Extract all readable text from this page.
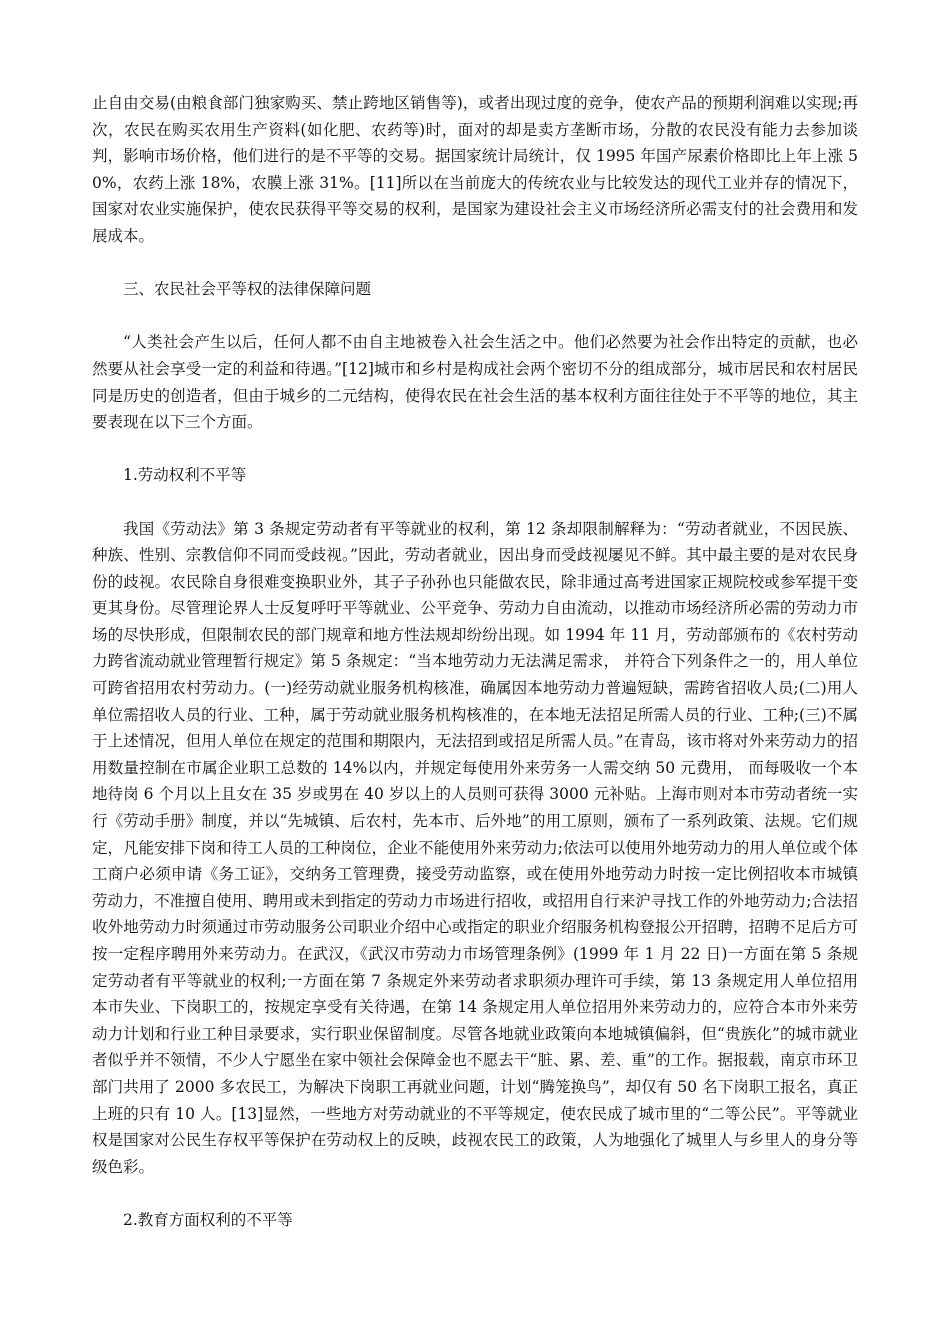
止自由交易(由粮食部门独家购买、禁止跨地区销售等)，或者出现过度的竞争，使农产品的预期利润难以实现;再次，农民在购买农用生产资料(如化肥、农药等)时，面对的却是卖方垄断市场，分散的农民没有能力去参加谈判，影响市场价格，他们进行的是不平等的交易。据国家统计局统计，仅 1995 年国产尿素价格即比上年上涨 50%，农药上涨 18%，农膜上涨 31%。[11]所以在当前庞大的传统农业与比较发达的现代工业并存的情况下，国家对农业实施保护，使农民获得平等交易的权利，是国家为建设社会主义市场经济所必需支付的社会费用和发展成本。

三、农民社会平等权的法律保障问题

“人类社会产生以后，任何人都不由自主地被卷入社会生活之中。他们必然要为社会作出特定的贡献，也必然要从社会享受一定的利益和待遇。”[12]城市和乡村是构成社会两个密切不分的组成部分，城市居民和农村居民同是历史的创造者，但由于城乡的二元结构，使得农民在社会生活的基本权利方面往往处于不平等的地位，其主要表现在以下三个方面。

1.劳动权利不平等

我国《劳动法》第 3 条规定劳动者有平等就业的权利，第 12 条却限制解释为：“劳动者就业，不因民族、种族、性别、宗教信仰不同而受歧视。”因此，劳动者就业，因出身而受歧视屡见不鲜。其中最主要的是对农民身份的歧视。农民除自身很难变换职业外，其子子孙孙也只能做农民，除非通过高考进国家正规院校或参军提干变更其身份。尽管理论界人士反复呼吁平等就业、公平竞争、劳动力自由流动，以推动市场经济所必需的劳动力市场的尽快形成，但限制农民的部门规章和地方性法规却纷纷出现。如 1994 年 11 月，劳动部颁布的《农村劳动力跨省流动就业管理暂行规定》第 5 条规定：“当本地劳动力无法满足需求， 并符合下列条件之一的，用人单位可跨省招用农村劳动力。(一)经劳动就业服务机构核准，确属因本地劳动力普遍短缺，需跨省招收人员;(二)用人单位需招收人员的行业、工种，属于劳动就业服务机构核准的，在本地无法招足所需人员的行业、工种;(三)不属于上述情况，但用人单位在规定的范围和期限内，无法招到或招足所需人员。”在青岛，该市将对外来劳动力的招用数量控制在市属企业职工总数的 14%以内，并规定每使用外来劳务一人需交纳 50 元费用， 而每吸收一个本地待岗 6 个月以上且女在 35 岁或男在 40 岁以上的人员则可获得 3000 元补贴。上海市则对本市劳动者统一实行《劳动手册》制度，并以“先城镇、后农村，先本市、后外地”的用工原则，颁布了一系列政策、法规。它们规定，凡能安排下岗和待工人员的工种岗位，企业不能使用外来劳动力;依法可以使用外地劳动力的用人单位或个体工商户必须申请《务工证》，交纳务工管理费，接受劳动监察，或在使用外地劳动力时按一定比例招收本市城镇劳动力，不准擅自使用、聘用或未到指定的劳动力市场进行招收，或招用自行来沪寻找工作的外地劳动力;合法招收外地劳动力时须通过市劳动服务公司职业介绍中心或指定的职业介绍服务机构登报公开招聘，招聘不足后方可按一定程序聘用外来劳动力。在武汉，《武汉市劳动力市场管理条例》(1999 年 1 月 22 日)一方面在第 5 条规定劳动者有平等就业的权利;一方面在第 7 条规定外来劳动者求职须办理许可手续，第 13 条规定用人单位招用本市失业、下岗职工的，按规定享受有关待遇，在第 14 条规定用人单位招用外来劳动力的，应符合本市外来劳动力计划和行业工种目录要求，实行职业保留制度。尽管各地就业政策向本地城镇偏斜，但“贵族化”的城市就业者似乎并不领情，不少人宁愿坐在家中领社会保障金也不愿去干“脏、累、差、重”的工作。据报载，南京市环卫部门共用了 2000 多农民工，为解决下岗职工再就业问题，计划“腾笼换鸟”，却仅有 50 名下岗职工报名，真正上班的只有 10 人。[13]显然，一些地方对劳动就业的不平等规定，使农民成了城市里的“二等公民”。平等就业权是国家对公民生存权平等保护在劳动权上的反映，歧视农民工的政策，人为地强化了城里人与乡里人的身分等级色彩。

2.教育方面权利的不平等
